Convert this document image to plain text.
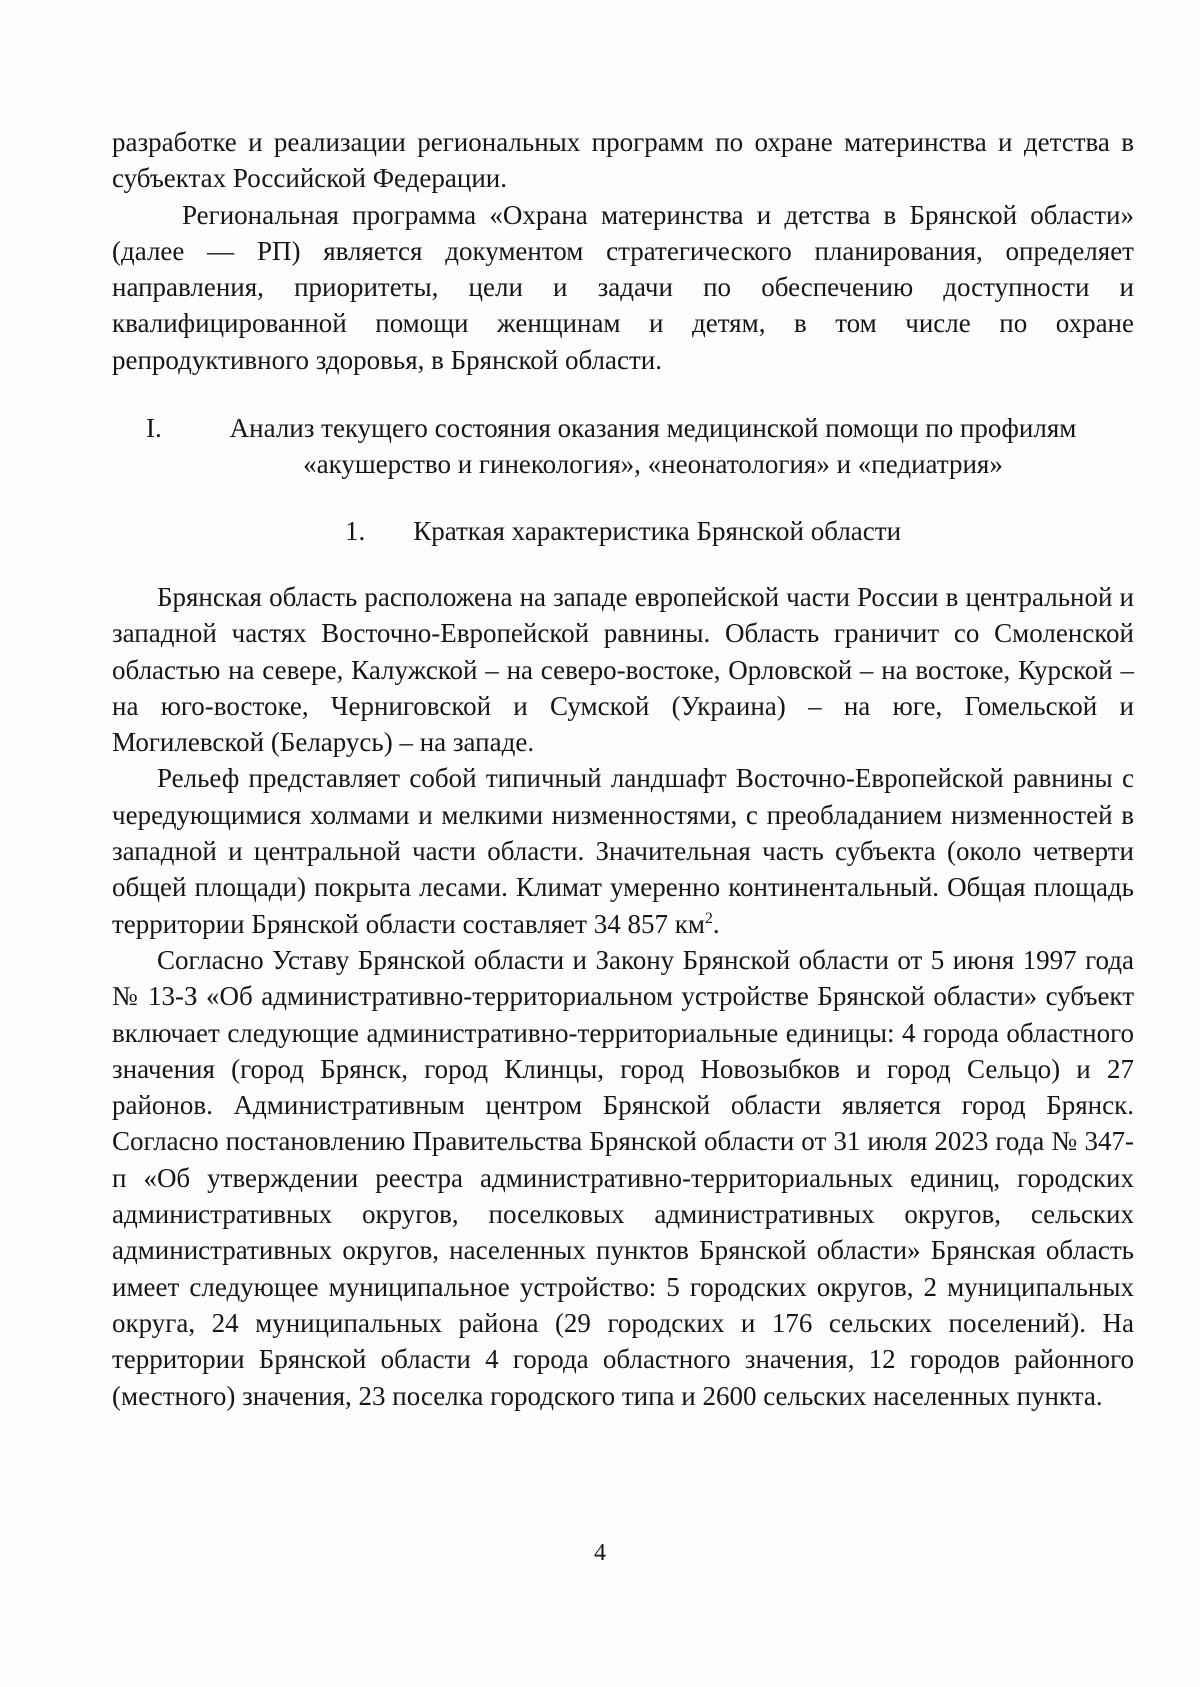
разработке и реализации региональных программ по охране материнства и детства в субъектах Российской Федерации.

Региональная программа «Охрана материнства и детства в Брянской области» (далее — РП) является документом стратегического планирования, определяет направления, приоритеты, цели и задачи по обеспечению доступности и квалифицированной помощи женщинам и детям, в том числе по охране репродуктивного здоровья, в Брянской области.

I.	Анализ текущего состояния оказания медицинской помощи по профилям «акушерство и гинекология», «неонатология» и «педиатрия»
1. Краткая характеристика Брянской области

Брянская область расположена на западе европейской части России в центральной и западной частях Восточно-Европейской равнины. Область граничит со Смоленской областью на севере, Калужской – на северо-востоке, Орловской – на востоке, Курской – на юго-востоке, Черниговской и Сумской (Украина) – на юге, Гомельской и Могилевской (Беларусь) – на западе.

Рельеф представляет собой типичный ландшафт Восточно-Европейской равнины с чередующимися холмами и мелкими низменностями, с преобладанием низменностей в западной и центральной части области. Значительная часть субъекта (около четверти общей площади) покрыта лесами. Климат умеренно континентальный. Общая площадь территории Брянской области составляет 34 857 $км^2$.

Согласно Уставу Брянской области и Закону Брянской области от 5 июня 1997 года № 13-З «Об административно-территориальном устройстве Брянской области» субъект включает следующие административно-территориальные единицы: 4 города областного значения (город Брянск, город Клинцы, город Новозыбков и город Сельцо) и 27 районов. Административным центром Брянской области является город Брянск. Согласно постановлению Правительства Брянской области от 31 июля 2023 года № 347-п «Об утверждении реестра административно-территориальных единиц, городских административных округов, поселковых административных округов, сельских административных округов, населенных пунктов Брянской области» Брянская область имеет следующее муниципальное устройство: 5 городских округов, 2 муниципальных округа, 24 муниципальных района (29 городских и 176 сельских поселений). На территории Брянской области 4 города областного значения, 12 городов районного (местного) значения, 23 поселка городского типа и 2600 сельских населенных пункта.

4
